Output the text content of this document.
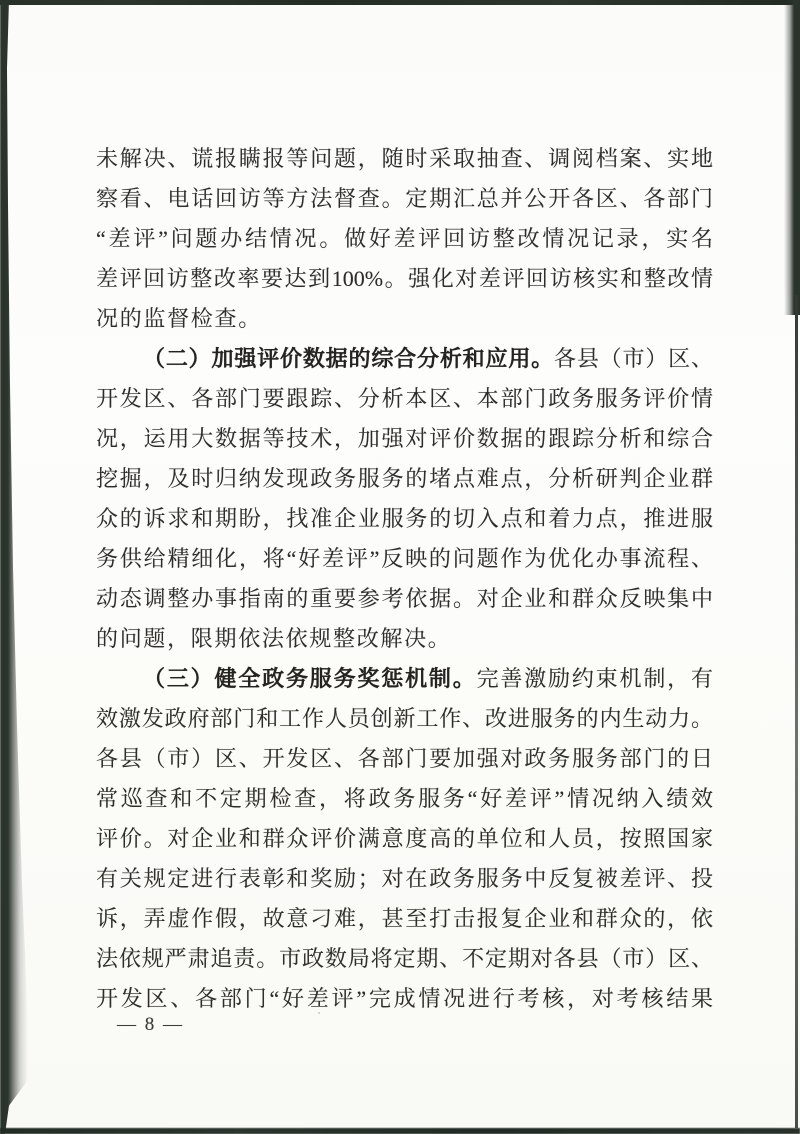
未解决、谎报瞒报等问题，随时采取抽查、调阅档案、实地
察看、电话回访等方法督查。定期汇总并公开各区、各部门
“差评”问题办结情况。做好差评回访整改情况记录，实名
差评回访整改率要达到100%。强化对差评回访核实和整改情
况的监督检查。
（二）加强评价数据的综合分析和应用。各县（市）区、
开发区、各部门要跟踪、分析本区、本部门政务服务评价情
况，运用大数据等技术，加强对评价数据的跟踪分析和综合
挖掘，及时归纳发现政务服务的堵点难点，分析研判企业群
众的诉求和期盼，找准企业服务的切入点和着力点，推进服
务供给精细化，将“好差评”反映的问题作为优化办事流程、
动态调整办事指南的重要参考依据。对企业和群众反映集中
的问题，限期依法依规整改解决。
（三）健全政务服务奖惩机制。完善激励约束机制，有
效激发政府部门和工作人员创新工作、改进服务的内生动力。
各县（市）区、开发区、各部门要加强对政务服务部门的日
常巡查和不定期检查，将政务服务“好差评”情况纳入绩效
评价。对企业和群众评价满意度高的单位和人员，按照国家
有关规定进行表彰和奖励；对在政务服务中反复被差评、投
诉，弄虚作假，故意刁难，甚至打击报复企业和群众的，依
法依规严肃追责。市政数局将定期、不定期对各县（市）区、
开发区、各部门“好差评”完成情况进行考核，对考核结果
— 8 —
